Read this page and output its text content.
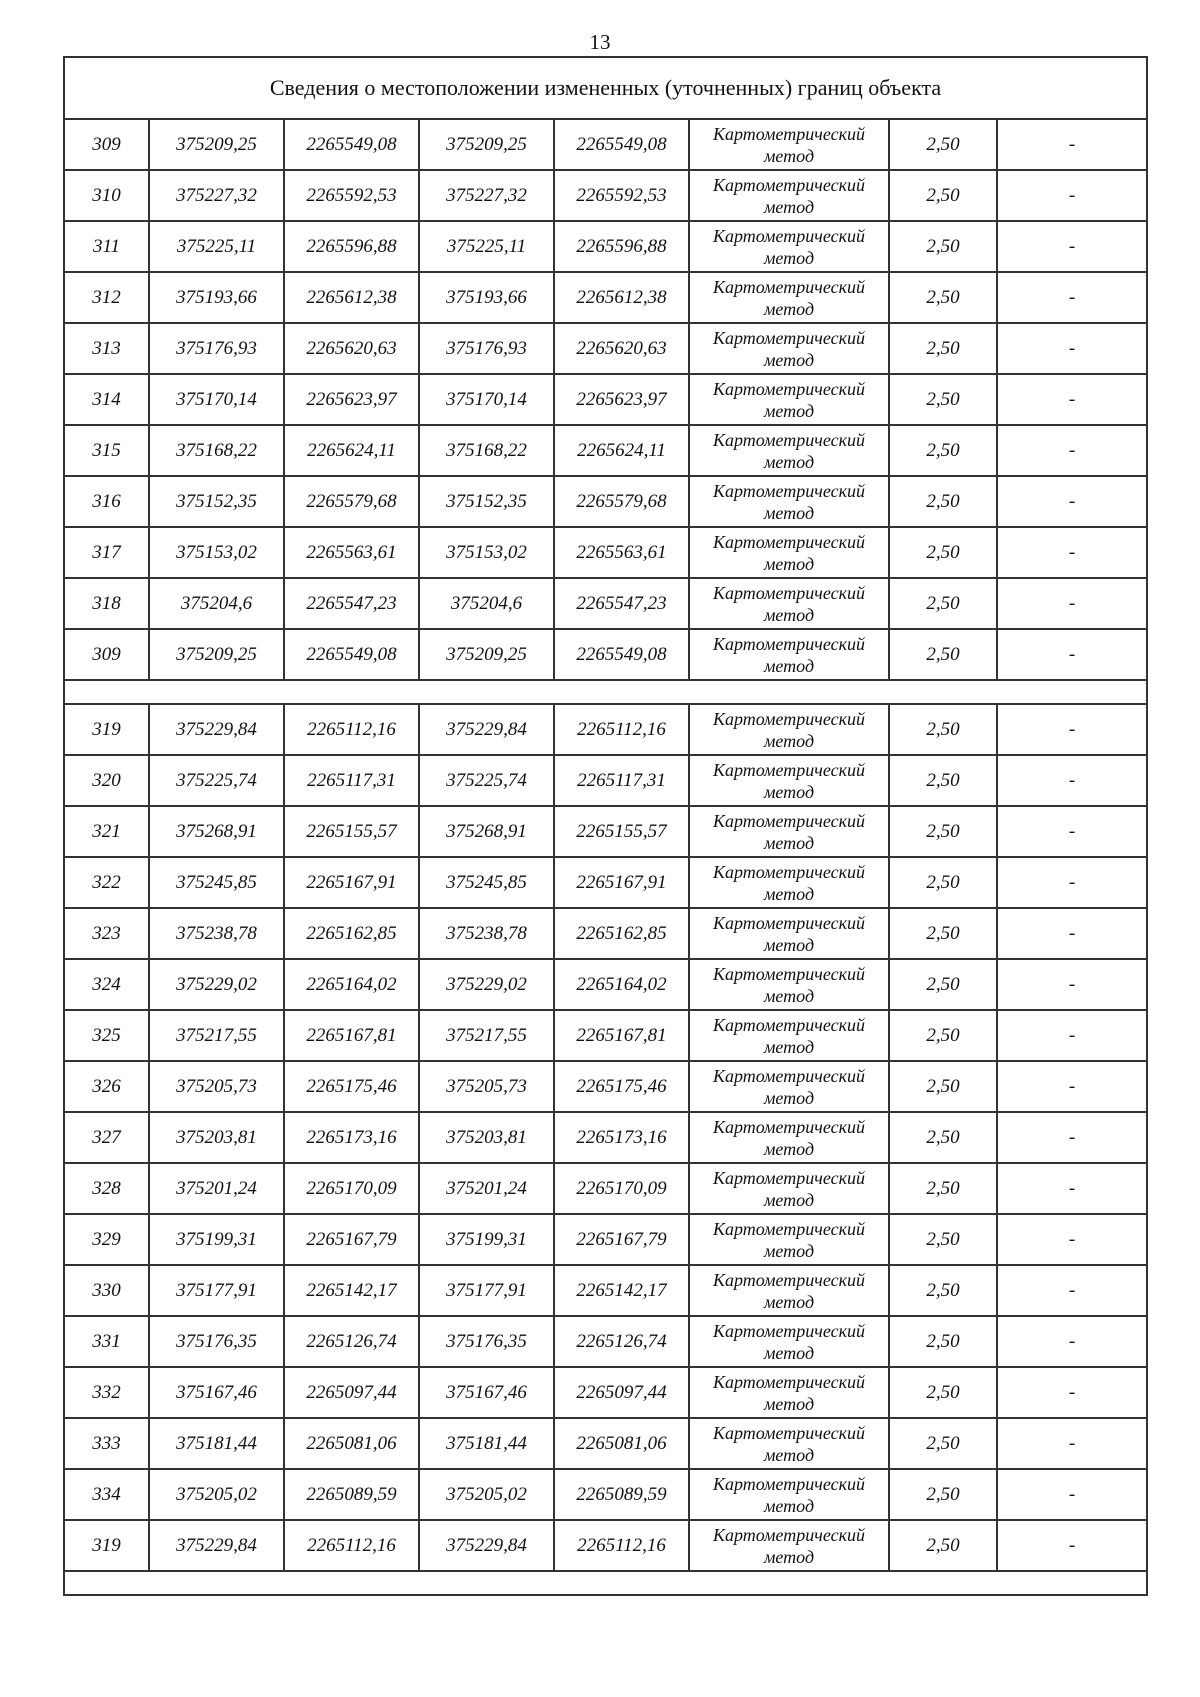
13
Сведения о местоположении измененных (уточненных) границ объекта							
309	375209,25	2265549,08	375209,25	2265549,08	Картометрический метод	2,50	-
310	375227,32	2265592,53	375227,32	2265592,53	Картометрический метод	2,50	-
311	375225,11	2265596,88	375225,11	2265596,88	Картометрический метод	2,50	-
312	375193,66	2265612,38	375193,66	2265612,38	Картометрический метод	2,50	-
313	375176,93	2265620,63	375176,93	2265620,63	Картометрический метод	2,50	-
314	375170,14	2265623,97	375170,14	2265623,97	Картометрический метод	2,50	-
315	375168,22	2265624,11	375168,22	2265624,11	Картометрический метод	2,50	-
316	375152,35	2265579,68	375152,35	2265579,68	Картометрический метод	2,50	-
317	375153,02	2265563,61	375153,02	2265563,61	Картометрический метод	2,50	-
318	375204,6	2265547,23	375204,6	2265547,23	Картометрический метод	2,50	-
309	375209,25	2265549,08	375209,25	2265549,08	Картометрический метод	2,50	-

319	375229,84	2265112,16	375229,84	2265112,16	Картометрический метод	2,50	-
320	375225,74	2265117,31	375225,74	2265117,31	Картометрический метод	2,50	-
321	375268,91	2265155,57	375268,91	2265155,57	Картометрический метод	2,50	-
322	375245,85	2265167,91	375245,85	2265167,91	Картометрический метод	2,50	-
323	375238,78	2265162,85	375238,78	2265162,85	Картометрический метод	2,50	-
324	375229,02	2265164,02	375229,02	2265164,02	Картометрический метод	2,50	-
325	375217,55	2265167,81	375217,55	2265167,81	Картометрический метод	2,50	-
326	375205,73	2265175,46	375205,73	2265175,46	Картометрический метод	2,50	-
327	375203,81	2265173,16	375203,81	2265173,16	Картометрический метод	2,50	-
328	375201,24	2265170,09	375201,24	2265170,09	Картометрический метод	2,50	-
329	375199,31	2265167,79	375199,31	2265167,79	Картометрический метод	2,50	-
330	375177,91	2265142,17	375177,91	2265142,17	Картометрический метод	2,50	-
331	375176,35	2265126,74	375176,35	2265126,74	Картометрический метод	2,50	-
332	375167,46	2265097,44	375167,46	2265097,44	Картометрический метод	2,50	-
333	375181,44	2265081,06	375181,44	2265081,06	Картометрический метод	2,50	-
334	375205,02	2265089,59	375205,02	2265089,59	Картометрический метод	2,50	-
319	375229,84	2265112,16	375229,84	2265112,16	Картометрический метод	2,50	-
